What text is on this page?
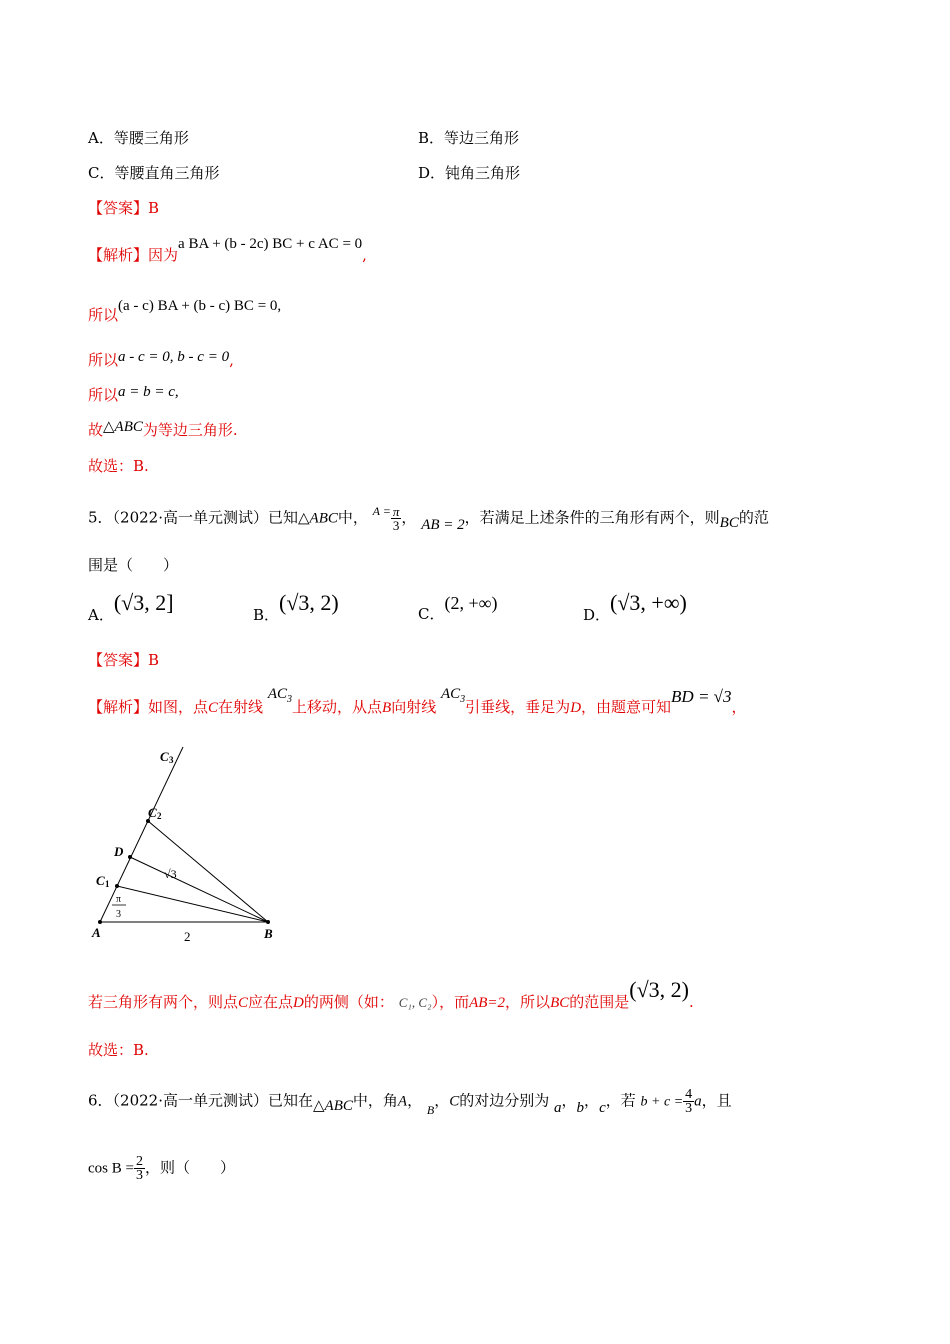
A．等腰三角形	B．等边三角形
C．等腰直角三角形	D．钝角三角形
【答案】B
【解析】因为a BA + (b - 2c) BC + c AC = 0,
所以(a - c) BA + (b - c) BC = 0,
所以a - c = 0, b - c = 0,
所以a = b = c,
故△ABC为等边三角形.
故选：B.
5．（2022·高一单元测试）已知△ABC中， $^{A =} \frac{\pi}{3}$ ， AB = 2，若满足上述条件的三角形有两个，则BC的范
围是（　　）
A．(√3, 2]	B．(√3, 2)	C．(2, +∞)
D．(√3, +∞)
【答案】B
【解析】如图，点C在射线 $AC_3$上移动，从点B向射线 $AC_3$引垂线，垂足为D，由题意可知BD = √3，
A	B
C 1
D
C 2
C 3
2
√3
π
3
若三角形有两个，则点C应在点D的两侧（如： C₁, C₂），而AB=2，所以BC的范围是(√3, 2).
故选：B.
6．（2022·高一单元测试）已知在△ABC中，角A， $_B$，C的对边分别为 a，b，c，若 $b + c = \frac{4}{3}$ a，且
$\cos B = \frac{2}{3}$ ，则（　　）
